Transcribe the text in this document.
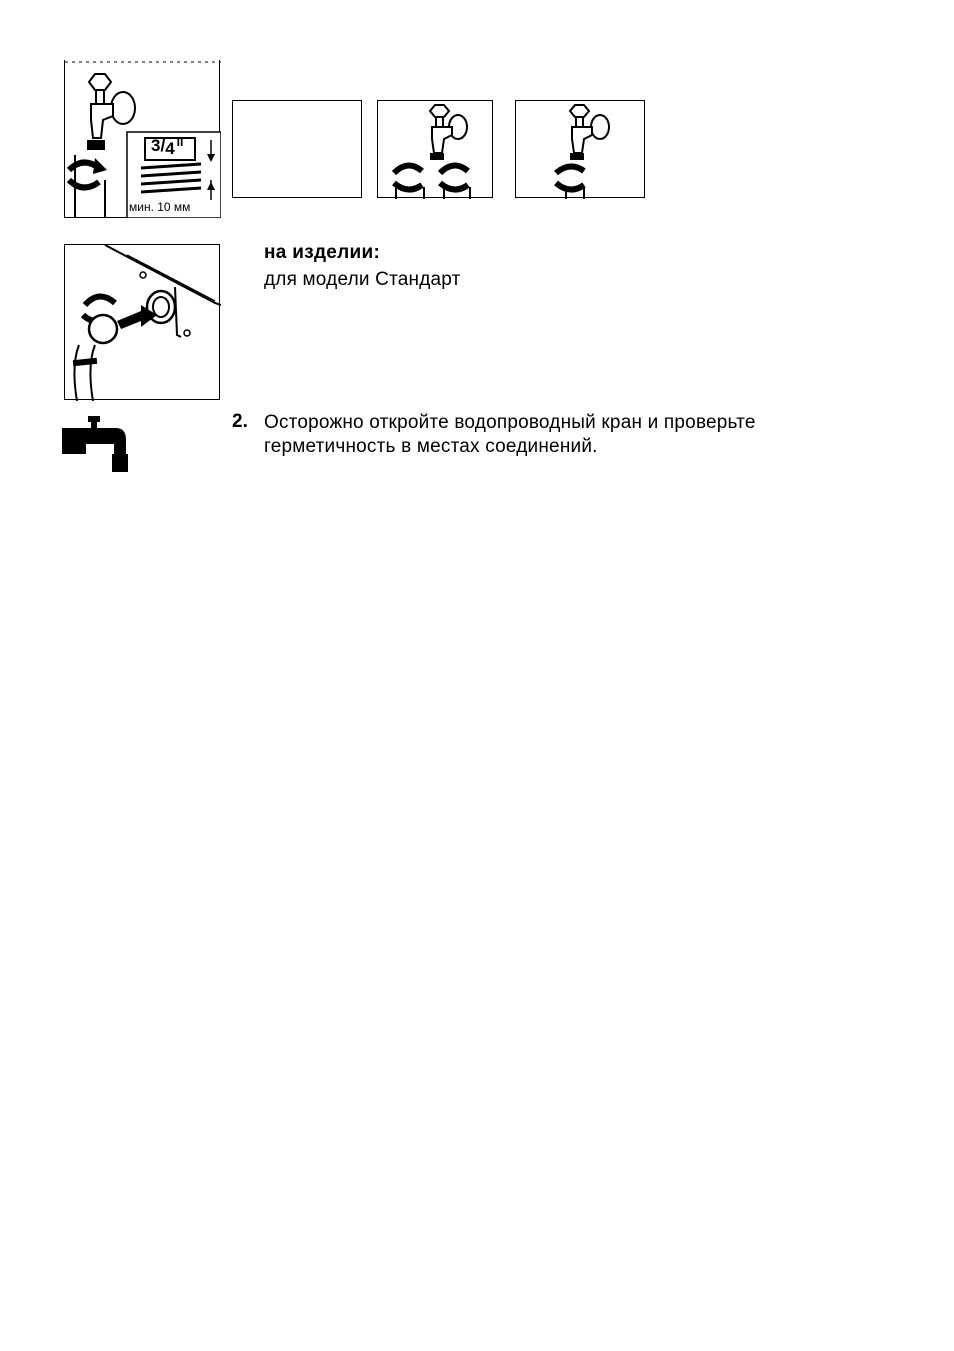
3/4 $^{II}$
мин. 10 мм
на изделии:
для модели Стандарт
2. Осторожно откройте водопроводный кран и проверьте
герметичность в местах соединений.
